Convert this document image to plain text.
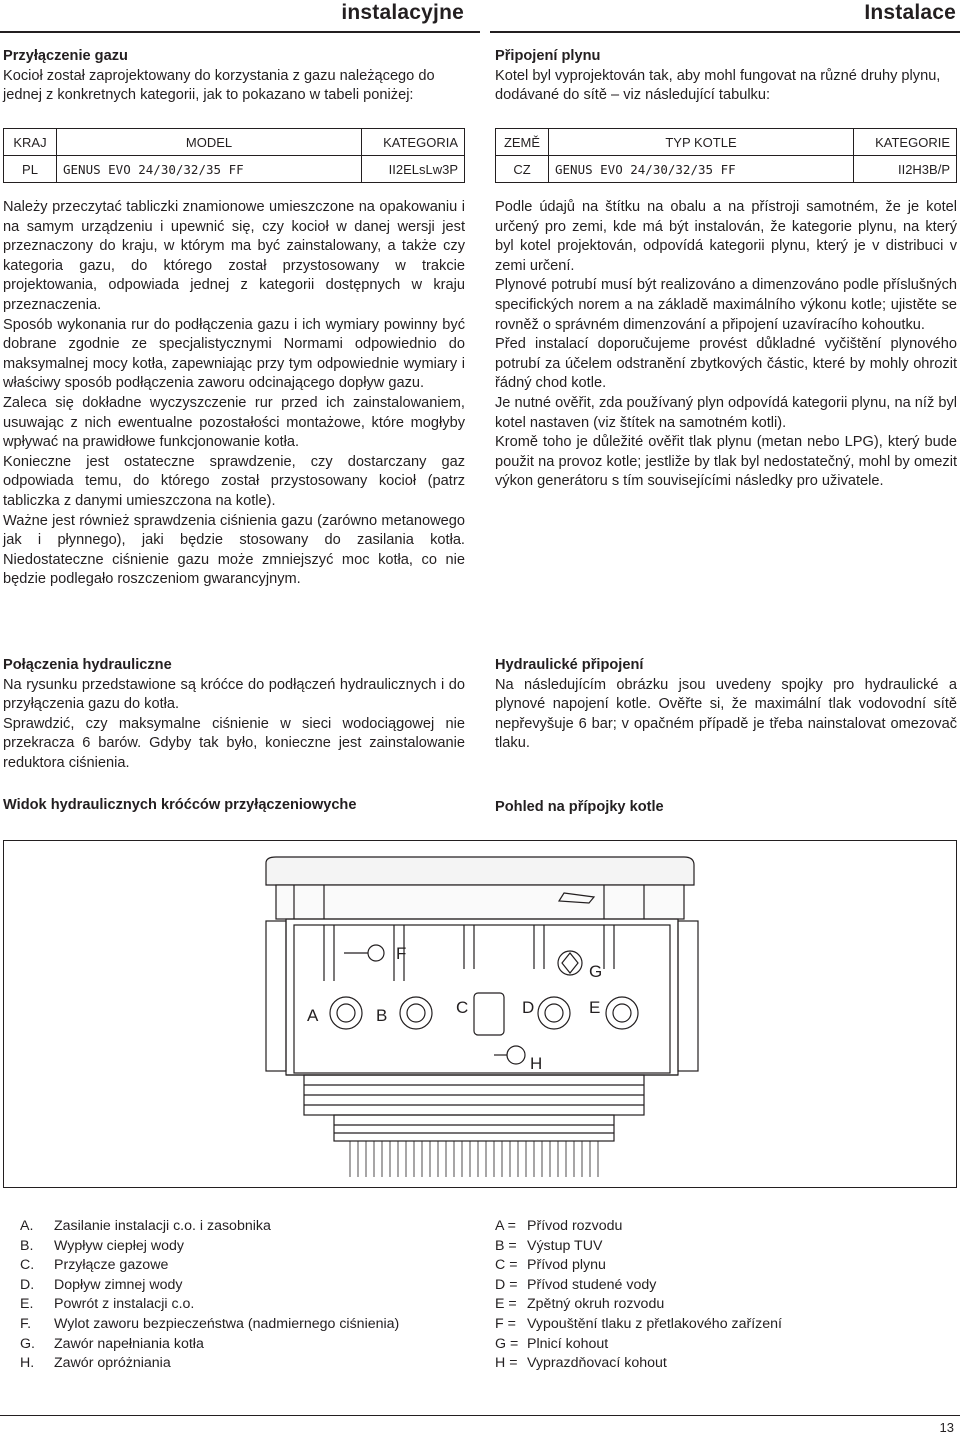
instalacyjne	Instalace

Przyłączenie gazu

Kocioł został zaprojektowany do korzystania z gazu należącego do jednej z konkretnych kategorii, jak to pokazano w tabeli poniżej:

Připojení plynu

Kotel byl vyprojektován tak, aby mohl fungovat na různé druhy plynu, dodávané do sítě – viz následující tabulku:

KRAJ	MODEL	KATEGORIA
PL	GENUS EVO 24/30/32/35 FF	II2ELsLw3P
ZEMĚ	TYP KOTLE	KATEGORIE
CZ	GENUS EVO 24/30/32/35 FF	II2H3B/P

Należy przeczytać tabliczki znamionowe umieszczone na opakowaniu i na samym urządzeniu i upewnić się, czy kocioł w danej wersji jest przeznaczony do kraju, w którym ma być zainstalowany, a także czy kategoria gazu, do którego został przystosowany w trakcie projektowania, odpowiada jednej z kategorii dostępnych w kraju przeznaczenia.

Sposób wykonania rur do podłączenia gazu i ich wymiary powinny być dobrane zgodnie ze specjalistycznymi Normami odpowiednio do maksymalnej mocy kotła, zapewniając przy tym odpowiednie wymiary i właściwy sposób podłączenia zaworu odcinającego dopływ gazu.

Zaleca się dokładne wyczyszczenie rur przed ich zainstalowaniem, usuwając z nich ewentualne pozostałości montażowe, które mogłyby wpływać na prawidłowe funkcjonowanie kotła.

Konieczne jest ostateczne sprawdzenie, czy dostarczany gaz odpowiada temu, do którego został przystosowany kocioł (patrz tabliczka z danymi umieszczona na kotle).

Ważne jest również sprawdzenia ciśnienia gazu (zarówno metanowego jak i płynnego), jaki będzie stosowany do zasilania kotła. Niedostateczne ciśnienie gazu może zmniejszyć moc kotła, co nie będzie podlegało roszczeniom gwarancyjnym.

Podle údajů na štítku na obalu a na přístroji samotném, že je kotel určený pro zemi, kde má být instalován, že kategorie plynu, na který byl kotel projektován, odpovídá kategorii plynu, který je v distribuci v zemi určení.

Plynové potrubí musí být realizováno a dimenzováno podle příslušných specifických norem a na základě maximálního výkonu kotle; ujistěte se rovněž o správném dimenzování a připojení uzavíracího kohoutku.

Před instalací doporučujeme provést důkladné vyčištění plynového potrubí za účelem odstranění zbytkových částic, které by mohly ohrozit řádný chod kotle.

Je nutné ověřit, zda používaný plyn odpovídá kategorii plynu, na níž byl kotel nastaven (viz štítek na samotném kotli).

Kromě toho je důležité ověřit tlak plynu (metan nebo LPG), který bude použit na provoz kotle; jestliže by tlak byl nedostatečný, mohl by omezit výkon generátoru s tím souvisejícími následky pro uživatele.

Połączenia hydrauliczne

Na rysunku przedstawione są króćce do podłączeń hydraulicznych i do przyłączenia gazu do kotła.

Sprawdzić, czy maksymalne ciśnienie w sieci wodociągowej nie przekracza 6 barów. Gdyby tak było, konieczne jest zainstalowanie reduktora ciśnienia.

Widok hydraulicznych króćców przyłączeniowyche

Hydraulické připojení

Na následujícím obrázku jsou uvedeny spojky pro hydraulické a plynové napojení kotle. Ověřte si, že maximální tlak vodovodní sítě nepřevyšuje 6 bar; v opačném případě je třeba nainstalovat omezovač tlaku.

Pohled na přípojky kotle
A	B	C	D	E
F
G
H
A. Zasilanie instalacji c.o. i zasobnika
B. Wypływ ciepłej wody
C. Przyłącze gazowe
D. Dopływ zimnej wody
E. Powrót z instalacji c.o.
F. Wylot zaworu bezpieczeństwa (nadmiernego ciśnienia)
G. Zawór napełniania kotła
H. Zawór opróżniania
A = Přívod rozvodu
B = Výstup TUV
C = Přívod plynu
D = Přívod studené vody
E = Zpětný okruh rozvodu
F = Vypouštění tlaku z přetlakového zařízení
G = Plnicí kohout
H = Vyprazdňovací kohout
13
